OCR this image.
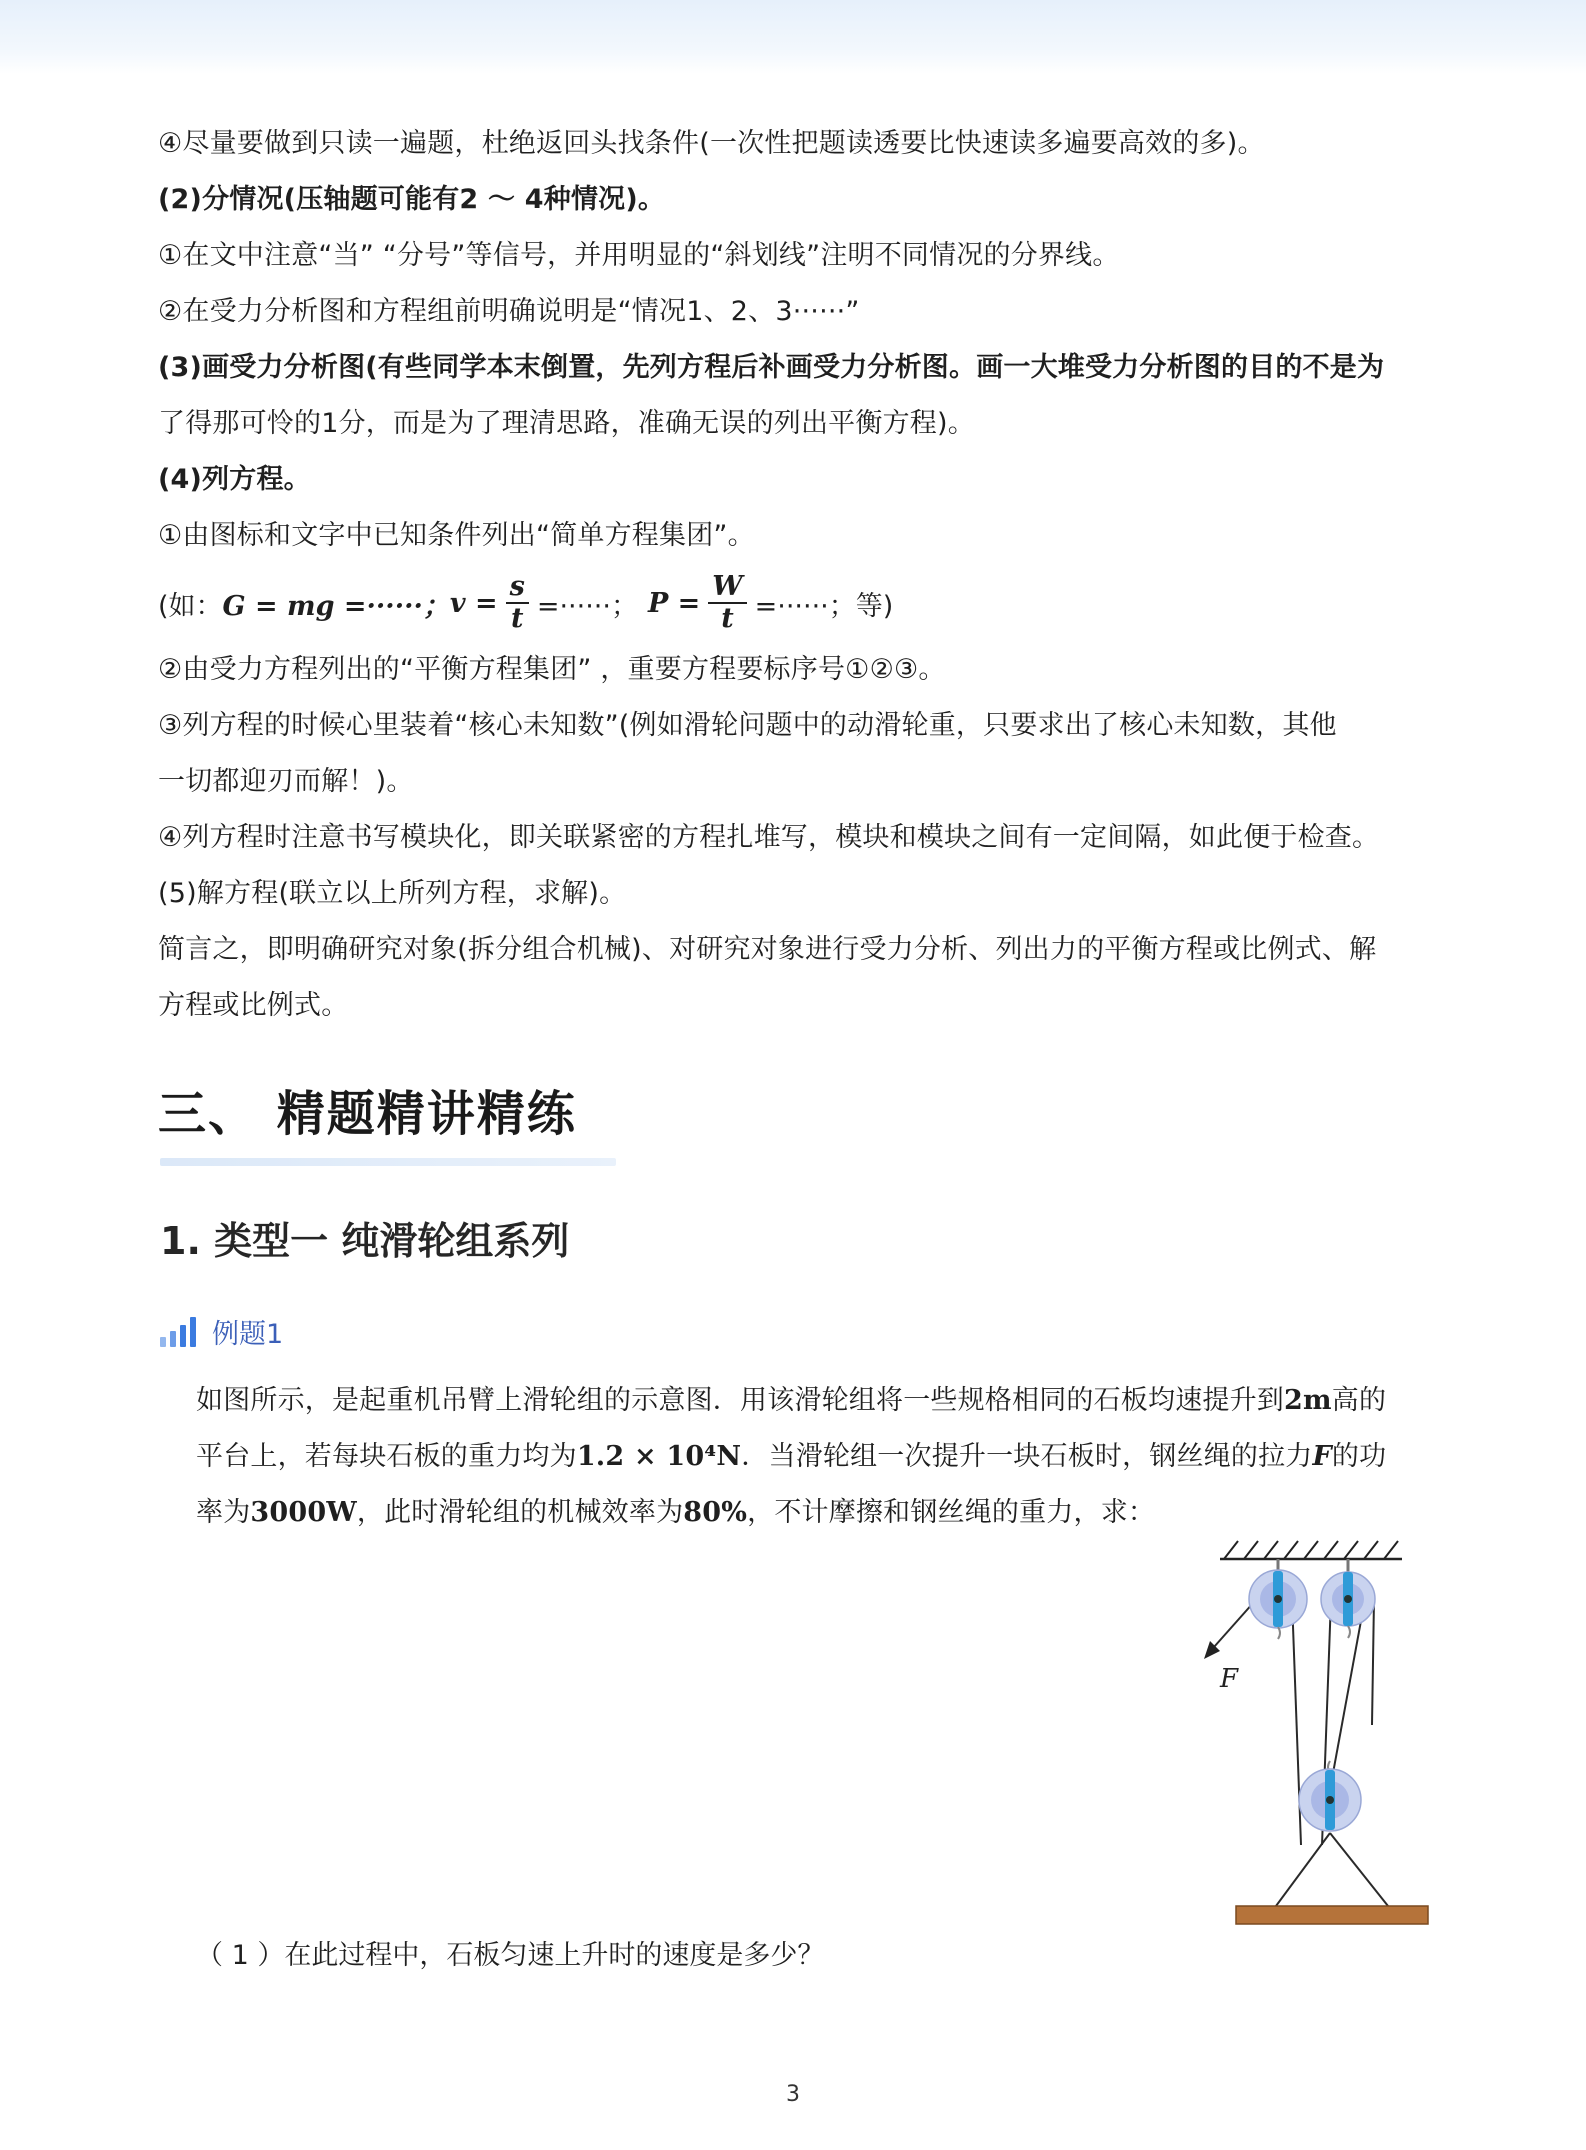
④尽量要做到只读一遍题，杜绝返回头找条件(一次性把题读透要比快速读多遍要高效的多)。
(2)分情况(压轴题可能有2 ～ 4种情况)。
①在文中注意“当” “分号”等信号，并用明显的“斜划线”注明不同情况的分界线。
②在受力分析图和方程组前明确说明是“情况1、2、3······”
(3)画受力分析图(有些同学本末倒置，先列方程后补画受力分析图。画一大堆受力分析图的目的不是为
了得那可怜的1分，而是为了理清思路，准确无误的列出平衡方程)。
(4)列方程。
①由图标和文字中已知条件列出“简单方程集团”。
(如： G = mg =······； $v = \frac{s}{t}$ =······； $P = \frac{W}{t}$ =······；等)
②由受力方程列出的“平衡方程集团” ，重要方程要标序号①②③。
③列方程的时候心里装着“核心未知数”(例如滑轮问题中的动滑轮重，只要求出了核心未知数，其他
一切都迎刃而解！)。
④列方程时注意书写模块化，即关联紧密的方程扎堆写，模块和模块之间有一定间隔，如此便于检查。
(5)解方程(联立以上所列方程，求解)。
简言之，即明确研究对象(拆分组合机械)、对研究对象进行受力分析、列出力的平衡方程或比例式、解
方程或比例式。
三、 精题精讲精练
1. 类型一 纯滑轮组系列
例题1
如图所示，是起重机吊臂上滑轮组的示意图．用该滑轮组将一些规格相同的石板均速提升到2m高的
平台上，若每块石板的重力均为1.2 × 10⁴N．当滑轮组一次提升一块石板时，钢丝绳的拉力F的功
率为3000W，此时滑轮组的机械效率为80%，不计摩擦和钢丝绳的重力，求：
F
（ 1 ）在此过程中，石板匀速上升时的速度是多少？
3
